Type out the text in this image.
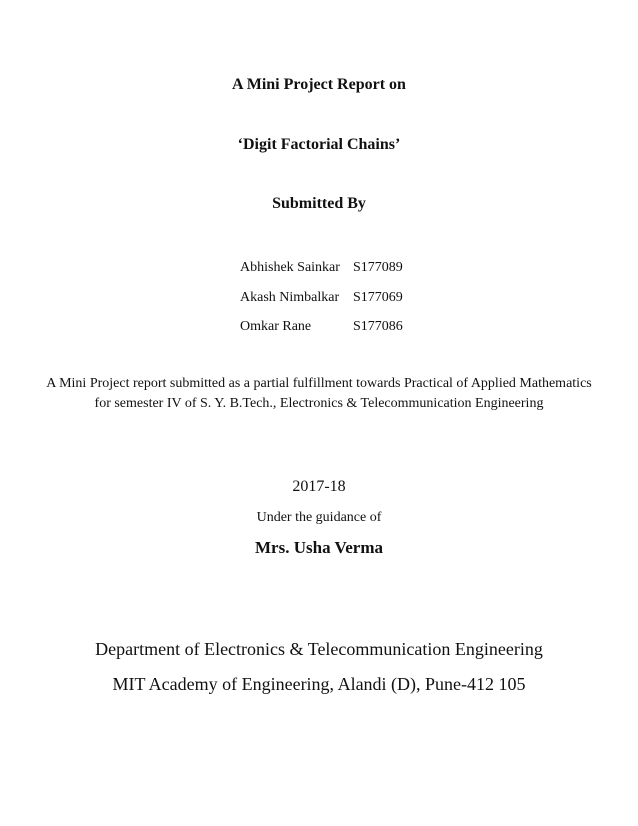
A Mini Project Report on
‘Digit Factorial Chains’
Submitted By
Abhishek Sainkar S177089
Akash Nimbalkar S177069
Omkar Rane	S177086
A Mini Project report submitted as a partial fulfillment towards Practical of Applied Mathematics for semester IV of S. Y. B.Tech., Electronics & Telecommunication Engineering
2017-18
Under the guidance of
Mrs. Usha Verma
Department of Electronics & Telecommunication Engineering
MIT Academy of Engineering, Alandi (D), Pune-412 105
